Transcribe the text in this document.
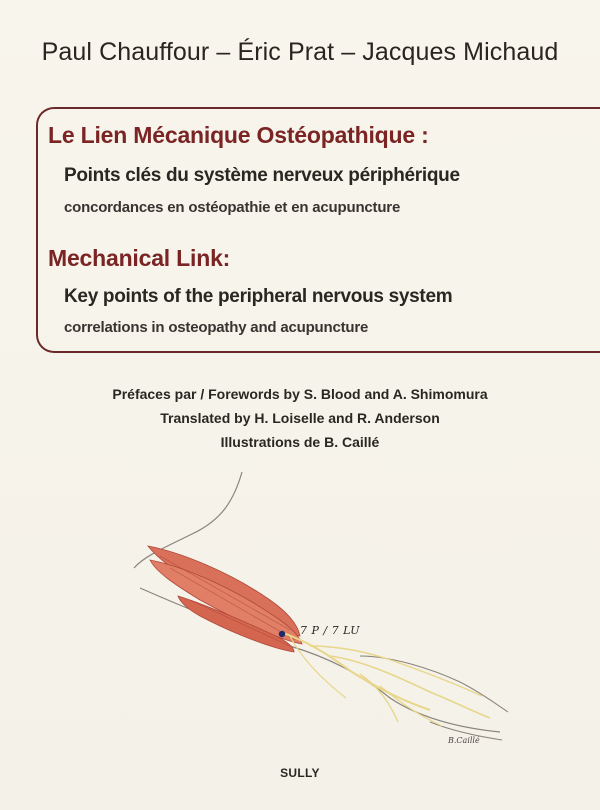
Paul Chauffour – Éric Prat – Jacques Michaud
Le Lien Mécanique Ostéopathique :
Points clés du système nerveux périphérique
concordances en ostéopathie et en acupuncture
Mechanical Link:
Key points of the peripheral nervous system
correlations in osteopathy and acupuncture
Préfaces par / Forewords by S. Blood and A. Shimomura
Translated by H. Loiselle and R. Anderson
Illustrations de B. Caillé
7 P / 7 LU
B.Caillé
SULLY
